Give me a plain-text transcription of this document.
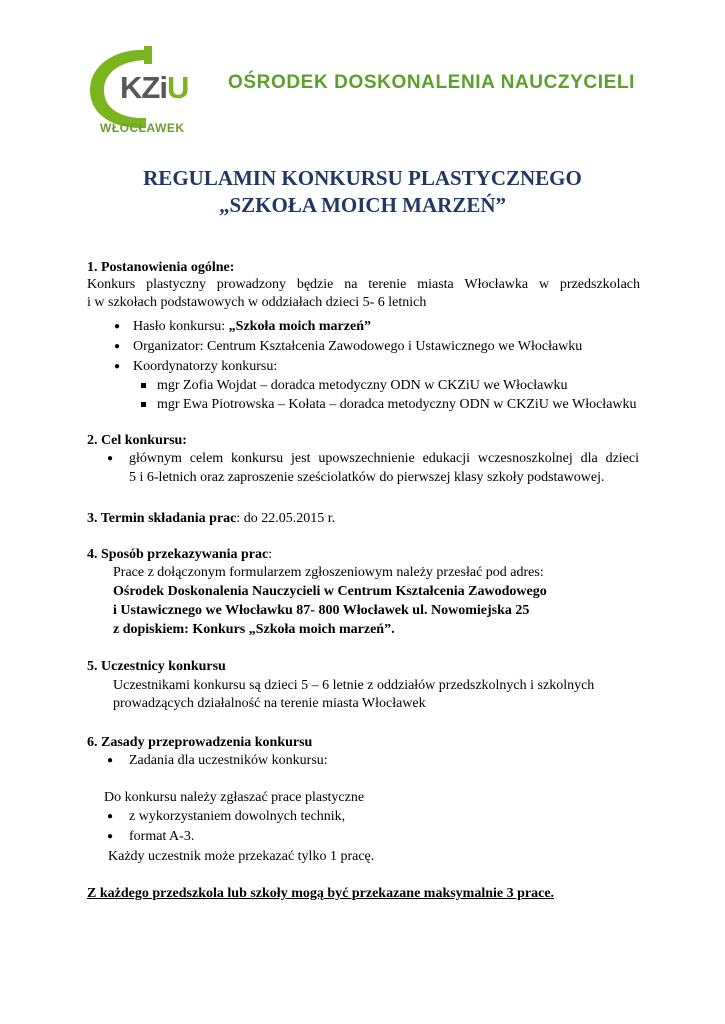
KZiU
WŁOCŁAWEK
OŚRODEK DOSKONALENIA NAUCZYCIELI
REGULAMIN KONKURSU PLASTYCZNEGO
„SZKOŁA MOICH MARZEŃ”
1. Postanowienia ogólne:
Konkurs plastyczny prowadzony będzie na terenie miasta Włocławka w przedszkolach
i w szkołach podstawowych w oddziałach dzieci 5- 6 letnich
● Hasło konkursu: „Szkoła moich marzeń”
● Organizator: Centrum Kształcenia Zawodowego i Ustawicznego we Włocławku
● Koordynatorzy konkursu:
mgr Zofia Wojdat – doradca metodyczny ODN w CKZiU we Włocławku
mgr Ewa Piotrowska – Kołata – doradca metodyczny ODN w CKZiU we Włocławku
2. Cel konkursu:
● głównym celem konkursu jest upowszechnienie edukacji wczesnoszkolnej dla dzieci
5 i 6-letnich oraz zaproszenie sześciolatków do pierwszej klasy szkoły podstawowej.
3. Termin składania prac: do 22.05.2015 r.
4. Sposób przekazywania prac:
Prace z dołączonym formularzem zgłoszeniowym należy przesłać pod adres:
Ośrodek Doskonalenia Nauczycieli w Centrum Kształcenia Zawodowego
i Ustawicznego we Włocławku 87- 800 Włocławek ul. Nowomiejska 25
z dopiskiem: Konkurs „Szkoła moich marzeń”.
5. Uczestnicy konkursu
Uczestnikami konkursu są dzieci 5 – 6 letnie z oddziałów przedszkolnych i szkolnych
prowadzących działalność na terenie miasta Włocławek
6. Zasady przeprowadzenia konkursu
● Zadania dla uczestników konkursu:
Do konkursu należy zgłaszać prace plastyczne
● z wykorzystaniem dowolnych technik,
● format A-3.
Każdy uczestnik może przekazać tylko 1 pracę.
Z każdego przedszkola lub szkoły mogą być przekazane maksymalnie 3 prace.
